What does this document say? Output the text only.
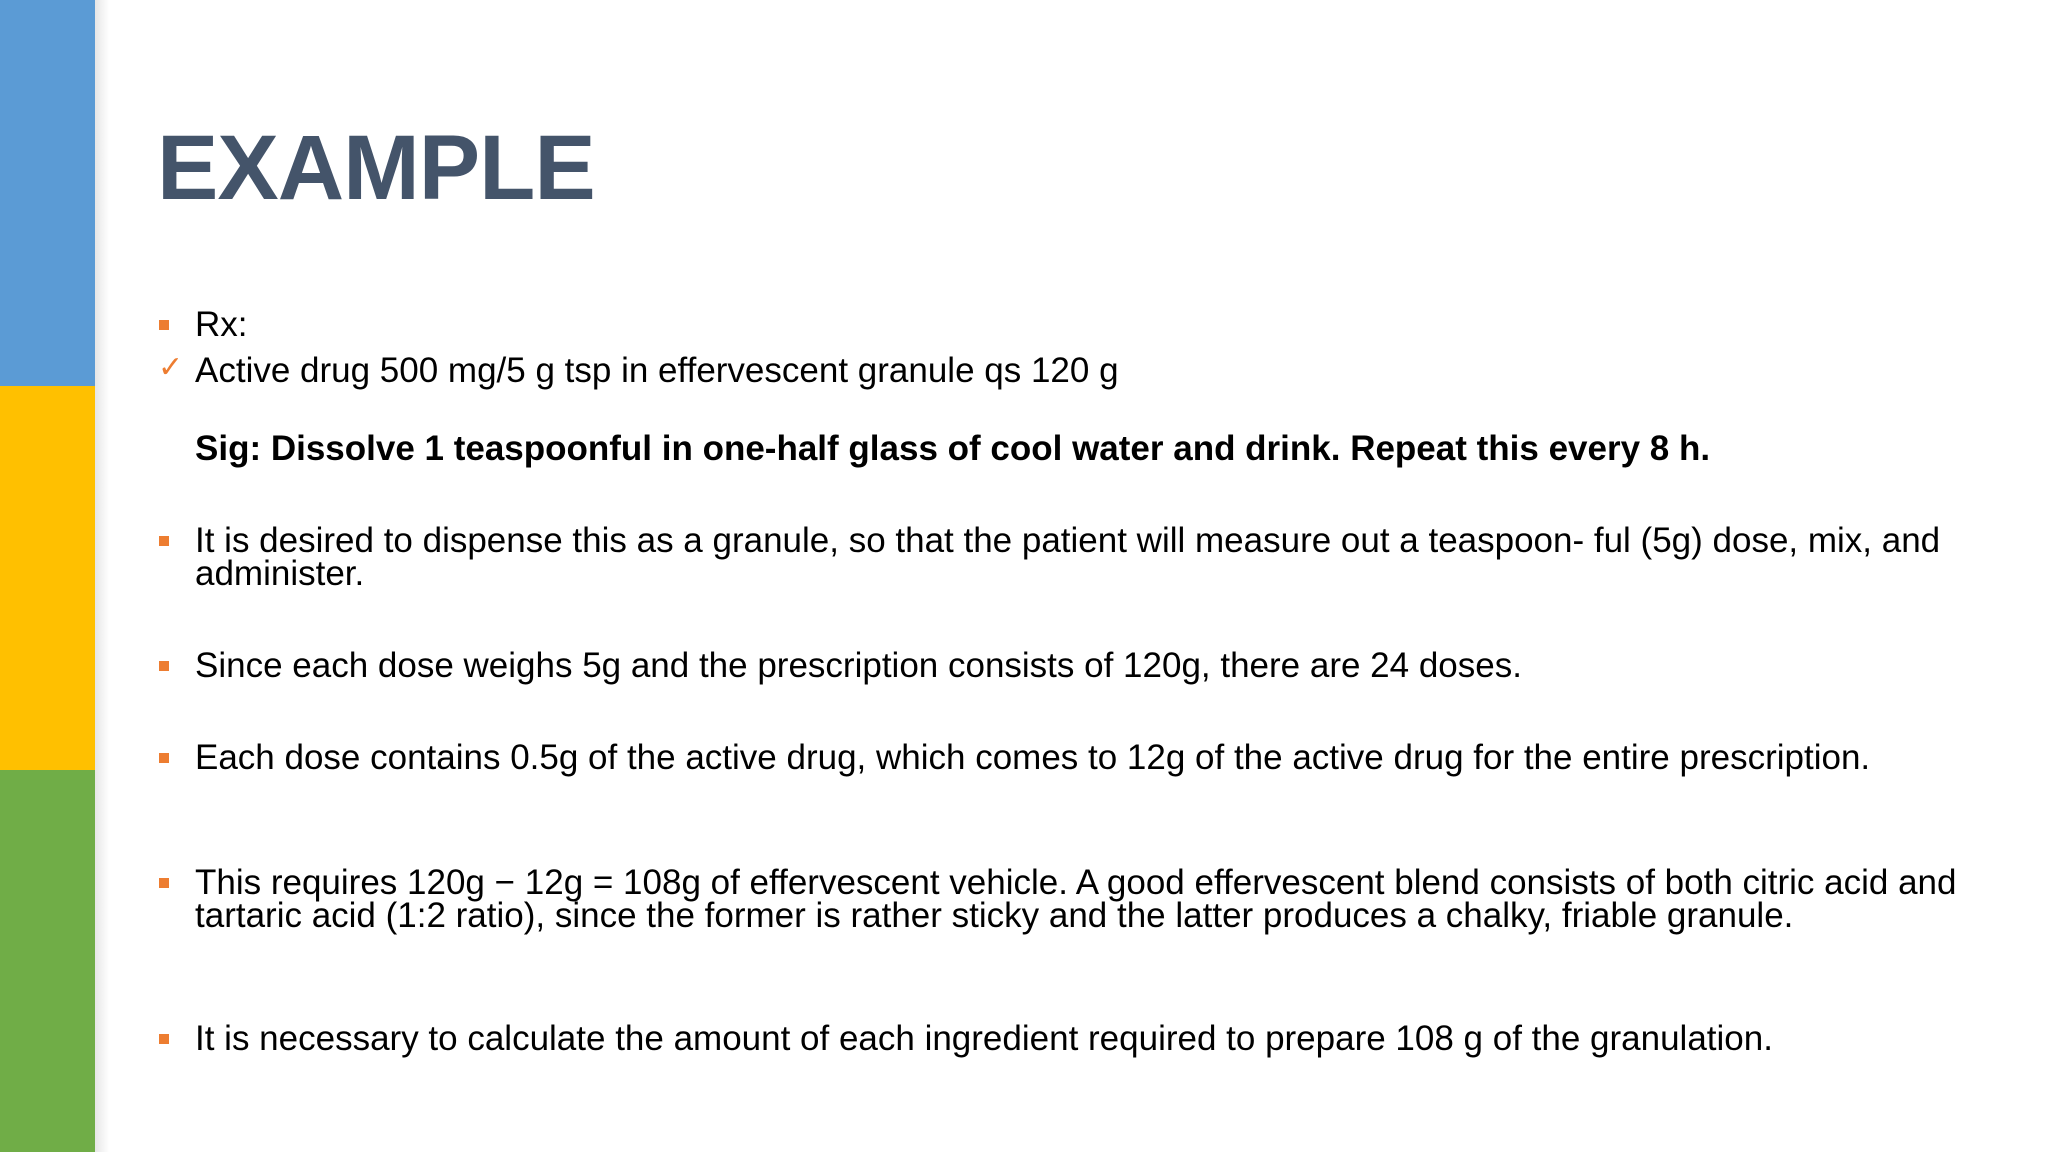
EXAMPLE

Rx:

✓ Active drug 500 mg/5 g tsp in effervescent granule qs 120 g

Sig: Dissolve 1 teaspoonful in one-half glass of cool water and drink. Repeat this every 8 h.

It is desired to dispense this as a granule, so that the patient will measure out a teaspoon- ful (5g) dose, mix, and administer.

Since each dose weighs 5g and the prescription consists of 120g, there are 24 doses.

Each dose contains 0.5g of the active drug, which comes to 12g of the active drug for the entire prescription.

This requires 120g − 12g = 108g of effervescent vehicle. A good effervescent blend consists of both citric acid and tartaric acid (1:2 ratio), since the former is rather sticky and the latter produces a chalky, friable granule.

It is necessary to calculate the amount of each ingredient required to prepare 108 g of the granulation.
